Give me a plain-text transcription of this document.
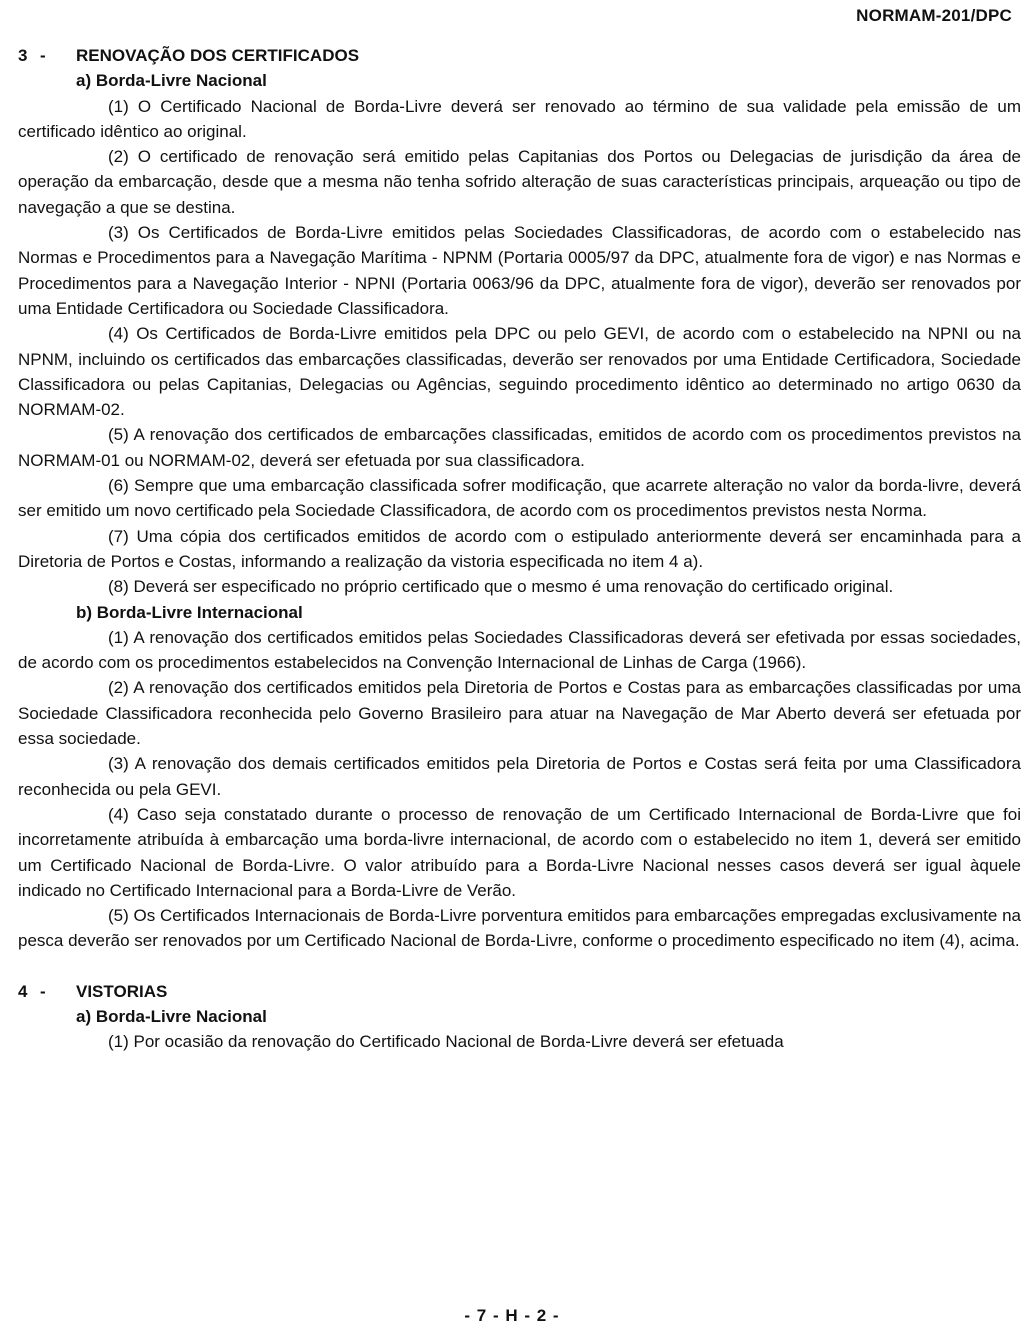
NORMAM-201/DPC

3 - RENOVAÇÃO DOS CERTIFICADOS

a) Borda-Livre Nacional

(1) O Certificado Nacional de Borda-Livre deverá ser renovado ao término de sua validade pela emissão de um certificado idêntico ao original.

(2) O certificado de renovação será emitido pelas Capitanias dos Portos ou Delegacias de jurisdição da área de operação da embarcação, desde que a mesma não tenha sofrido alteração de suas características principais, arqueação ou tipo de navegação a que se destina.

(3) Os Certificados de Borda-Livre emitidos pelas Sociedades Classificadoras, de acordo com o estabelecido nas Normas e Procedimentos para a Navegação Marítima - NPNM (Portaria 0005/97 da DPC, atualmente fora de vigor) e nas Normas e Procedimentos para a Navegação Interior - NPNI (Portaria 0063/96 da DPC, atualmente fora de vigor), deverão ser renovados por uma Entidade Certificadora ou Sociedade Classificadora.

(4) Os Certificados de Borda-Livre emitidos pela DPC ou pelo GEVI, de acordo com o estabelecido na NPNI ou na NPNM, incluindo os certificados das embarcações classificadas, deverão ser renovados por uma Entidade Certificadora, Sociedade Classificadora ou pelas Capitanias, Delegacias ou Agências, seguindo procedimento idêntico ao determinado no artigo 0630 da NORMAM-02.

(5) A renovação dos certificados de embarcações classificadas, emitidos de acordo com os procedimentos previstos na NORMAM-01 ou NORMAM-02, deverá ser efetuada por sua classificadora.

(6) Sempre que uma embarcação classificada sofrer modificação, que acarrete alteração no valor da borda-livre, deverá ser emitido um novo certificado pela Sociedade Classificadora, de acordo com os procedimentos previstos nesta Norma.

(7) Uma cópia dos certificados emitidos de acordo com o estipulado anteriormente deverá ser encaminhada para a Diretoria de Portos e Costas, informando a realização da vistoria especificada no item 4 a).

(8) Deverá ser especificado no próprio certificado que o mesmo é uma renovação do certificado original.

b) Borda-Livre Internacional

(1) A renovação dos certificados emitidos pelas Sociedades Classificadoras deverá ser efetivada por essas sociedades, de acordo com os procedimentos estabelecidos na Convenção Internacional de Linhas de Carga (1966).

(2) A renovação dos certificados emitidos pela Diretoria de Portos e Costas para as embarcações classificadas por uma Sociedade Classificadora reconhecida pelo Governo Brasileiro para atuar na Navegação de Mar Aberto deverá ser efetuada por essa sociedade.

(3) A renovação dos demais certificados emitidos pela Diretoria de Portos e Costas será feita por uma Classificadora reconhecida ou pela GEVI.

(4) Caso seja constatado durante o processo de renovação de um Certificado Internacional de Borda-Livre que foi incorretamente atribuída à embarcação uma borda-livre internacional, de acordo com o estabelecido no item 1, deverá ser emitido um Certificado Nacional de Borda-Livre. O valor atribuído para a Borda-Livre Nacional nesses casos deverá ser igual àquele indicado no Certificado Internacional para a Borda-Livre de Verão.

(5) Os Certificados Internacionais de Borda-Livre porventura emitidos para embarcações empregadas exclusivamente na pesca deverão ser renovados por um Certificado Nacional de Borda-Livre, conforme o procedimento especificado no item (4), acima.

4 - VISTORIAS

a) Borda-Livre Nacional

(1) Por ocasião da renovação do Certificado Nacional de Borda-Livre deverá ser efetuada

- 7 - H - 2 -
